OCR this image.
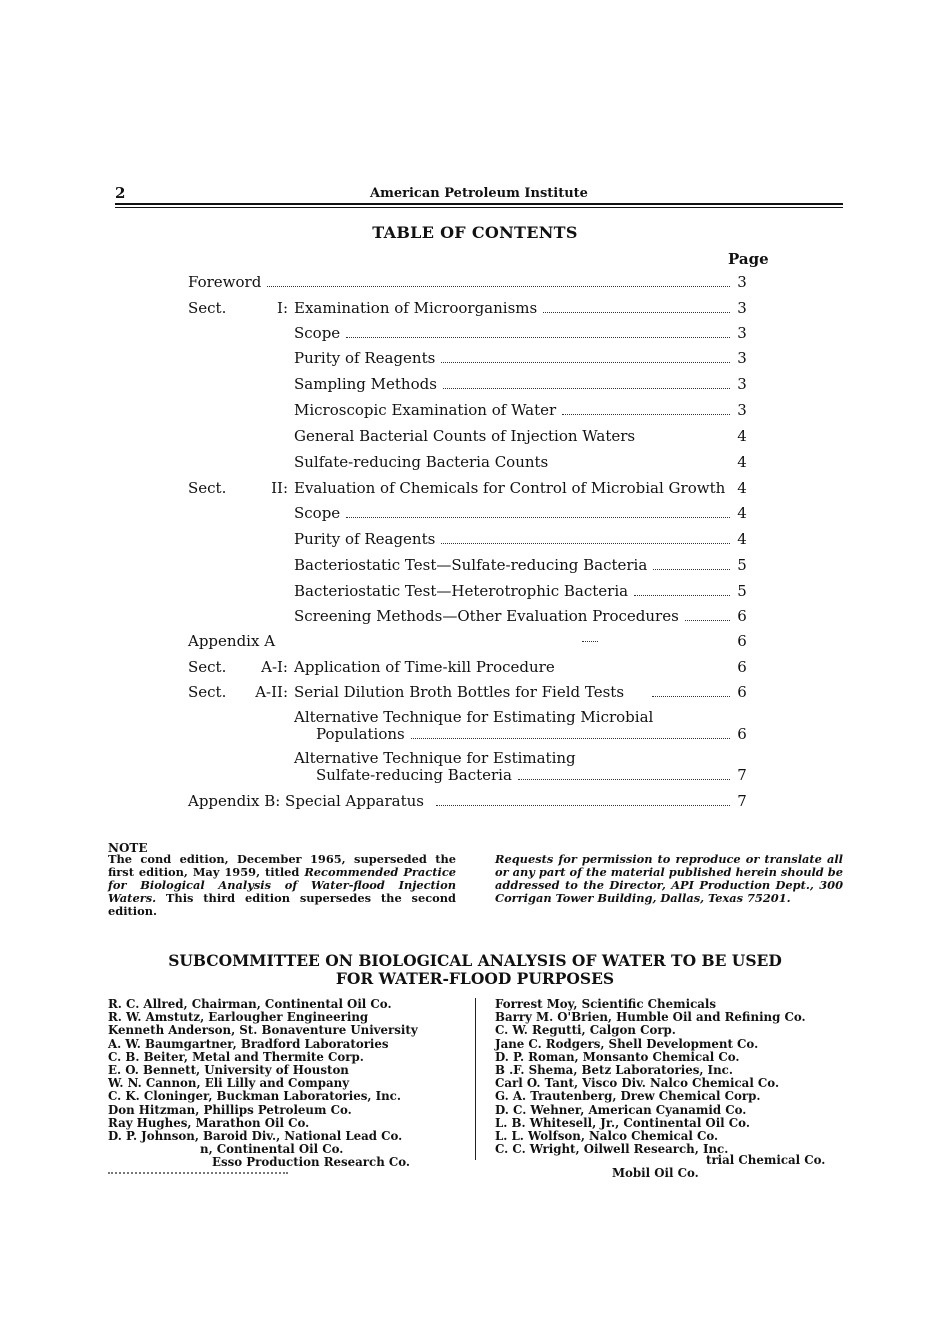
2	American Petroleum Institute
TABLE OF CONTENTS
Page
Foreword	3
Sect.	I: Examination of Microorganisms	3
Scope	3
Purity of Reagents	3
Sampling Methods	3
Microscopic Examination of Water	3
General Bacterial Counts of Injection Waters	4
Sulfate-reducing Bacteria Counts	4
Sect.	II: Evaluation of Chemicals for Control of Microbial Growth 4
Scope	4
Purity of Reagents	4
Bacteriostatic Test—Sulfate-reducing Bacteria	5
Bacteriostatic Test—Heterotrophic Bacteria	5
Screening Methods—Other Evaluation Procedures	6
Appendix A	6
Sect.	A-I: Application of Time-kill Procedure	6
Sect.	A-II: Serial Dilution Broth Bottles for Field Tests	6
Alternative Technique for Estimating Microbial
Populations	6
Alternative Technique for Estimating
Sulfate-reducing Bacteria	7
Appendix B: Special Apparatus	7
NOTE
The cond edition, December 1965, superseded the first edition, May 1959, titled Recommended Practice for Biological Analysis of Water-flood Injection Waters. This third edition supersedes the second edition.
Requests for permission to reproduce or translate all or any part of the material published herein should be addressed to the Director, API Production Dept., 300 Corrigan Tower Building, Dallas, Texas 75201.
SUBCOMMITTEE ON BIOLOGICAL ANALYSIS OF WATER TO BE USED
FOR WATER-FLOOD PURPOSES
R. C. Allred, Chairman, Continental Oil Co.
R. W. Amstutz, Earlougher Engineering
Kenneth Anderson, St. Bonaventure University
A. W. Baumgartner, Bradford Laboratories
C. B. Beiter, Metal and Thermite Corp.
E. O. Bennett, University of Houston
W. N. Cannon, Eli Lilly and Company
C. K. Cloninger, Buckman Laboratories, Inc.
Don Hitzman, Phillips Petroleum Co.
Ray Hughes, Marathon Oil Co.
D. P. Johnson, Baroid Div., National Lead Co.
n, Continental Oil Co.
Esso Production Research Co.
Forrest Moy, Scientific Chemicals
Barry M. O'Brien, Humble Oil and Refining Co.
C. W. Regutti, Calgon Corp.
Jane C. Rodgers, Shell Development Co.
D. P. Roman, Monsanto Chemical Co.
B .F. Shema, Betz Laboratories, Inc.
Carl O. Tant, Visco Div. Nalco Chemical Co.
G. A. Trautenberg, Drew Chemical Corp.
D. C. Wehner, American Cyanamid Co.
L. B. Whitesell, Jr., Continental Oil Co.
L. L. Wolfson, Nalco Chemical Co.
C. C. Wright, Oilwell Research, Inc.
trial Chemical Co.
Mobil Oil Co.
